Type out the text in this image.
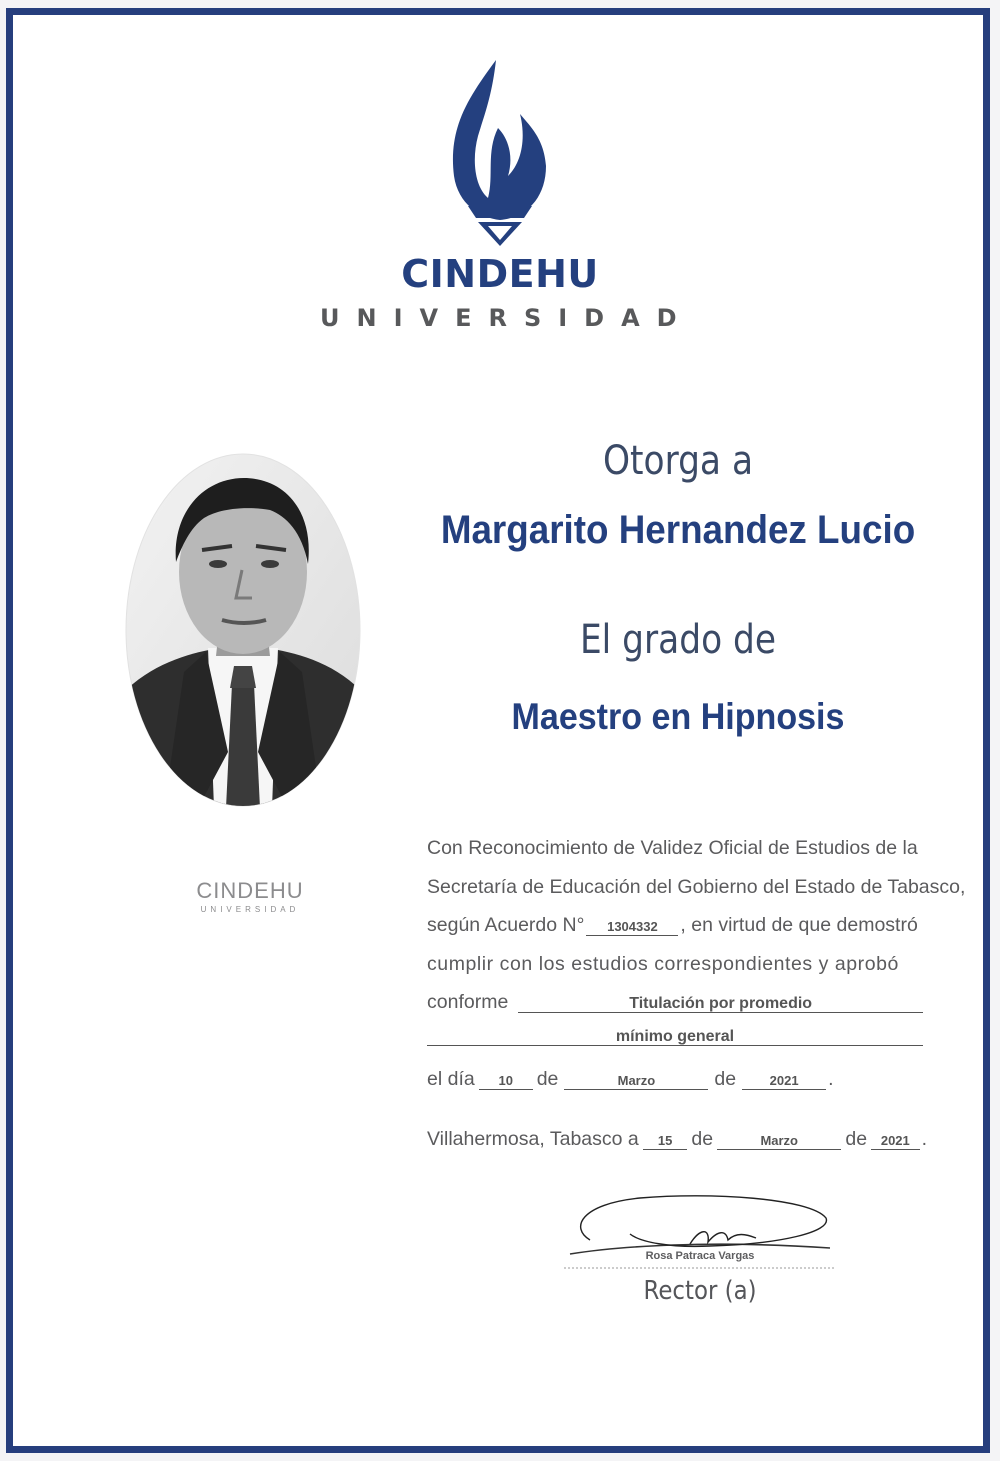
CINDEHU
UNIVERSIDAD
CINDEHU
UNIVERSIDAD
Otorga a
Margarito Hernandez Lucio
El grado de
Maestro en Hipnosis
Con Reconocimiento de Validez Oficial de Estudios de la
Secretaría de Educación del Gobierno del Estado de Tabasco,
según Acuerdo N°	1304332	, en virtud de que demostró
cumplir con los estudios correspondientes y aprobó
conforme	Titulación por promedio
mínimo general
el día	10	de	Marzo	de	2021	.
Villahermosa, Tabasco a	15 de	Marzo	de	2021 .
Rosa Patraca Vargas
Rector (a)
